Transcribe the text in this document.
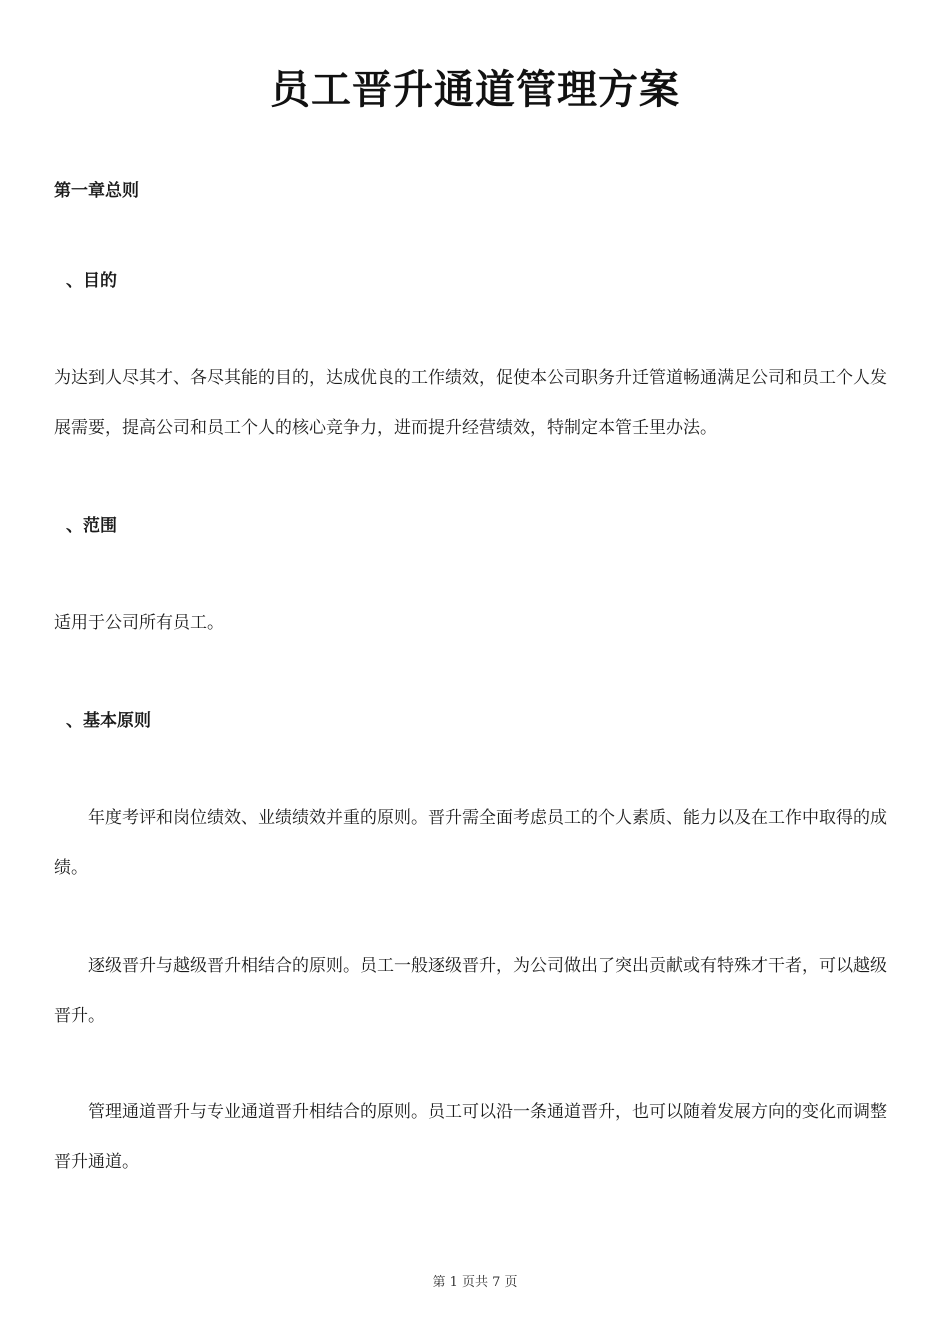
员工晋升通道管理方案
第一章总则
、目的
为达到人尽其才、各尽其能的目的，达成优良的工作绩效，促使本公司职务升迁管道畅通满足公司和员工个人发展需要，提高公司和员工个人的核心竞争力，进而提升经营绩效，特制定本管壬里办法。
、范围
适用于公司所有员工。
、基本原则
年度考评和岗位绩效、业绩绩效并重的原则。晋升需全面考虑员工的个人素质、能力以及在工作中取得的成绩。
逐级晋升与越级晋升相结合的原则。员工一般逐级晋升，为公司做出了突出贡献或有特殊才干者，可以越级晋升。
管理通道晋升与专业通道晋升相结合的原则。员工可以沿一条通道晋升，也可以随着发展方向的变化而调整晋升通道。
第 1 页共 7 页
